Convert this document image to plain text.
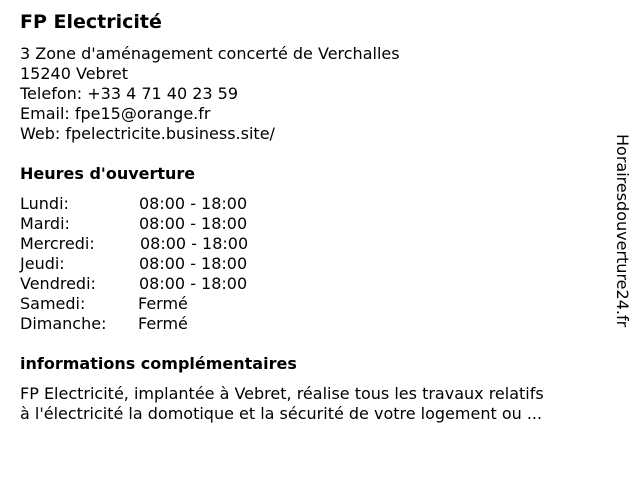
FP Electricité
3 Zone d'aménagement concerté de Verchalles
15240 Vebret
Telefon: +33 4 71 40 23 59
Email: fpe15@orange.fr
Web: fpelectricite.business.site/
Heures d'ouverture
Lundi:	08:00 - 18:00
Mardi:	08:00 - 18:00
Mercredi:	08:00 - 18:00
Jeudi:	08:00 - 18:00
Vendredi:	08:00 - 18:00
Samedi:	Fermé
Dimanche: Fermé
informations complémentaires
FP Electricité, implantée à Vebret, réalise tous les travaux relatifs
à l'électricité la domotique et la sécurité de votre logement ou ...
Horairesdouverture24.fr
